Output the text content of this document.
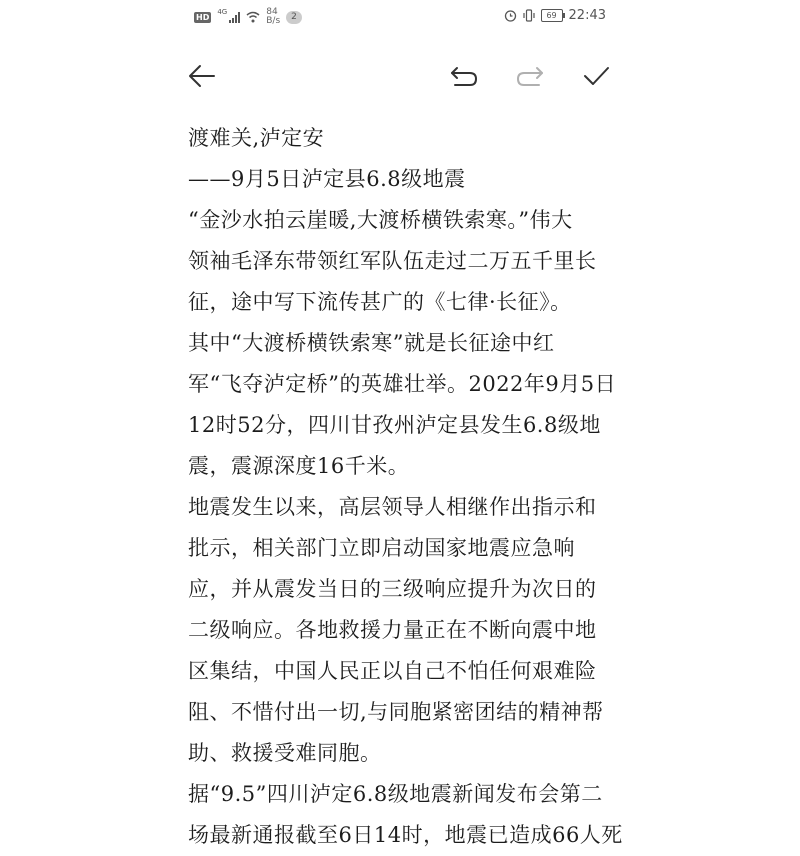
HD
4G	84
B/s	2	69 22:43

渡难关,泸定安

——9月5日泸定县6.8级地震

“金沙水拍云崖暖,大渡桥横铁索寒。”伟大

领袖毛泽东带领红军队伍走过二万五千里长

征，途中写下流传甚广的《七律·长征》。

其中“大渡桥横铁索寒”就是长征途中红

军“飞夺泸定桥”的英雄壮举。2022年9月5日

12时52分，四川甘孜州泸定县发生6.8级地

震，震源深度16千米。

地震发生以来，高层领导人相继作出指示和

批示，相关部门立即启动国家地震应急响

应，并从震发当日的三级响应提升为次日的

二级响应。各地救援力量正在不断向震中地

区集结，中国人民正以自己不怕任何艰难险

阻、不惜付出一切,与同胞紧密团结的精神帮

助、救援受难同胞。

据“9.5”四川泸定6.8级地震新闻发布会第二

场最新通报截至6日14时，地震已造成66人死
